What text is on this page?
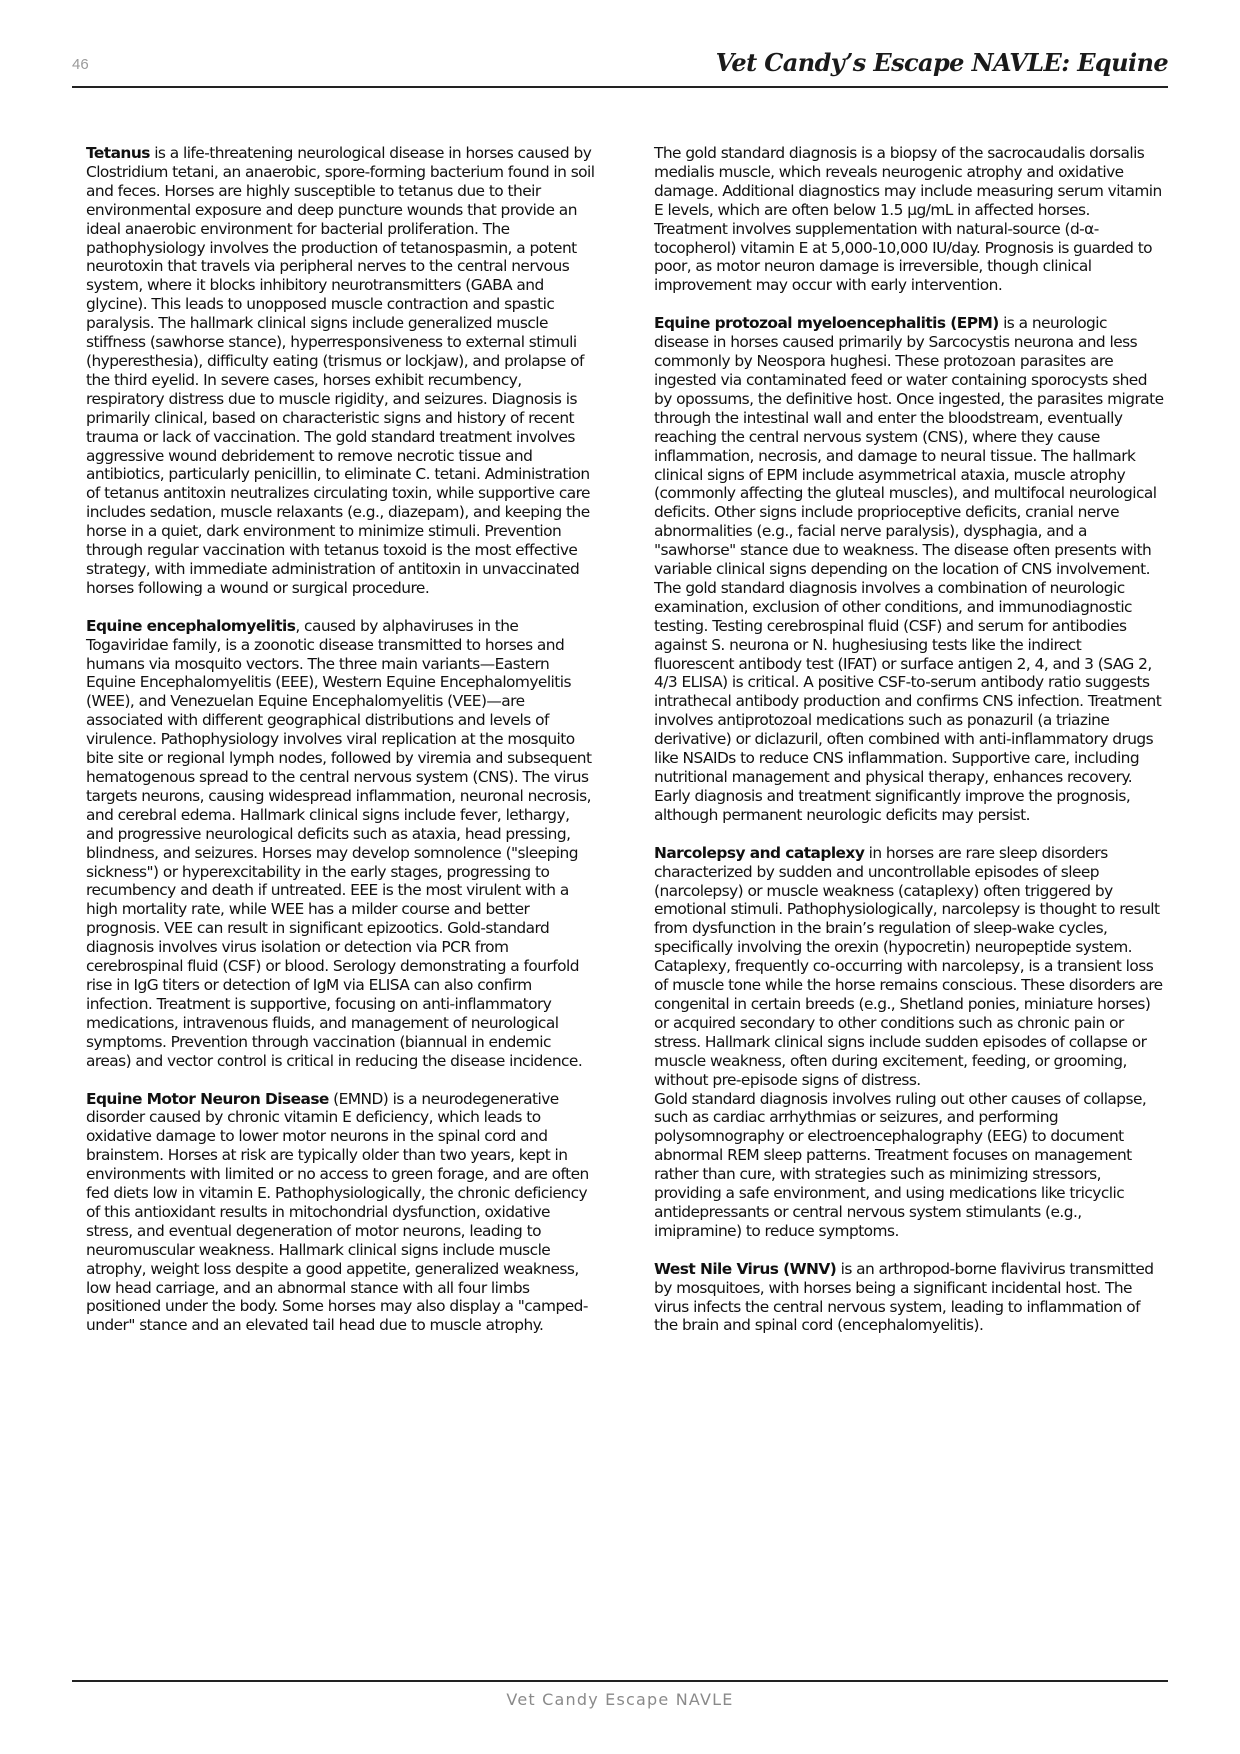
46	Vet Candy’s Escape NAVLE: Equine

Tetanus is a life-threatening neurological disease in horses caused by Clostridium tetani, an anaerobic, spore-forming bacterium found in soil and feces. Horses are highly susceptible to tetanus due to their environmental exposure and deep puncture wounds that provide an ideal anaerobic environment for bacterial proliferation. The pathophysiology involves the production of tetanospasmin, a potent neurotoxin that travels via peripheral nerves to the central nervous system, where it blocks inhibitory neurotransmitters (GABA and glycine). This leads to unopposed muscle contraction and spastic paralysis. The hallmark clinical signs include generalized muscle stiffness (sawhorse stance), hyperresponsiveness to external stimuli (hyperesthesia), difficulty eating (trismus or lockjaw), and prolapse of the third eyelid. In severe cases, horses exhibit recumbency, respiratory distress due to muscle rigidity, and seizures. Diagnosis is primarily clinical, based on characteristic signs and history of recent trauma or lack of vaccination. The gold standard treatment involves aggressive wound debridement to remove necrotic tissue and antibiotics, particularly penicillin, to eliminate C. tetani. Administration of tetanus antitoxin neutralizes circulating toxin, while supportive care includes sedation, muscle relaxants (e.g., diazepam), and keeping the horse in a quiet, dark environment to minimize stimuli. Prevention through regular vaccination with tetanus toxoid is the most effective strategy, with immediate administration of antitoxin in unvaccinated horses following a wound or surgical procedure.

Equine encephalomyelitis, caused by alphaviruses in the Togaviridae family, is a zoonotic disease transmitted to horses and humans via mosquito vectors. The three main variants—Eastern Equine Encephalomyelitis (EEE), Western Equine Encephalomyelitis (WEE), and Venezuelan Equine Encephalomyelitis (VEE)—are associated with different geographical distributions and levels of virulence. Pathophysiology involves viral replication at the mosquito bite site or regional lymph nodes, followed by viremia and subsequent hematogenous spread to the central nervous system (CNS). The virus targets neurons, causing widespread inflammation, neuronal necrosis, and cerebral edema. Hallmark clinical signs include fever, lethargy, and progressive neurological deficits such as ataxia, head pressing, blindness, and seizures. Horses may develop somnolence ("sleeping sickness") or hyperexcitability in the early stages, progressing to recumbency and death if untreated. EEE is the most virulent with a high mortality rate, while WEE has a milder course and better prognosis. VEE can result in significant epizootics. Gold-standard diagnosis involves virus isolation or detection via PCR from cerebrospinal fluid (CSF) or blood. Serology demonstrating a fourfold rise in IgG titers or detection of IgM via ELISA can also confirm infection. Treatment is supportive, focusing on anti-inflammatory medications, intravenous fluids, and management of neurological symptoms. Prevention through vaccination (biannual in endemic areas) and vector control is critical in reducing the disease incidence.

Equine Motor Neuron Disease (EMND) is a neurodegenerative disorder caused by chronic vitamin E deficiency, which leads to oxidative damage to lower motor neurons in the spinal cord and brainstem. Horses at risk are typically older than two years, kept in environments with limited or no access to green forage, and are often fed diets low in vitamin E. Pathophysiologically, the chronic deficiency of this antioxidant results in mitochondrial dysfunction, oxidative stress, and eventual degeneration of motor neurons, leading to neuromuscular weakness. Hallmark clinical signs include muscle atrophy, weight loss despite a good appetite, generalized weakness, low head carriage, and an abnormal stance with all four limbs positioned under the body. Some horses may also display a "camped-under" stance and an elevated tail head due to muscle atrophy.

The gold standard diagnosis is a biopsy of the sacrocaudalis dorsalis medialis muscle, which reveals neurogenic atrophy and oxidative damage. Additional diagnostics may include measuring serum vitamin E levels, which are often below 1.5 µg/mL in affected horses. Treatment involves supplementation with natural-source (d-α-tocopherol) vitamin E at 5,000-10,000 IU/day. Prognosis is guarded to poor, as motor neuron damage is irreversible, though clinical improvement may occur with early intervention.

Equine protozoal myeloencephalitis (EPM) is a neurologic disease in horses caused primarily by Sarcocystis neurona and less commonly by Neospora hughesi. These protozoan parasites are ingested via contaminated feed or water containing sporocysts shed by opossums, the definitive host. Once ingested, the parasites migrate through the intestinal wall and enter the bloodstream, eventually reaching the central nervous system (CNS), where they cause inflammation, necrosis, and damage to neural tissue. The hallmark clinical signs of EPM include asymmetrical ataxia, muscle atrophy (commonly affecting the gluteal muscles), and multifocal neurological deficits. Other signs include proprioceptive deficits, cranial nerve abnormalities (e.g., facial nerve paralysis), dysphagia, and a "sawhorse" stance due to weakness. The disease often presents with variable clinical signs depending on the location of CNS involvement. The gold standard diagnosis involves a combination of neurologic examination, exclusion of other conditions, and immunodiagnostic testing. Testing cerebrospinal fluid (CSF) and serum for antibodies against S. neurona or N. hughesiusing tests like the indirect fluorescent antibody test (IFAT) or surface antigen 2, 4, and 3 (SAG 2, 4/3 ELISA) is critical. A positive CSF-to-serum antibody ratio suggests intrathecal antibody production and confirms CNS infection. Treatment involves antiprotozoal medications such as ponazuril (a triazine derivative) or diclazuril, often combined with anti-inflammatory drugs like NSAIDs to reduce CNS inflammation. Supportive care, including nutritional management and physical therapy, enhances recovery. Early diagnosis and treatment significantly improve the prognosis, although permanent neurologic deficits may persist.

Narcolepsy and cataplexy in horses are rare sleep disorders characterized by sudden and uncontrollable episodes of sleep (narcolepsy) or muscle weakness (cataplexy) often triggered by emotional stimuli. Pathophysiologically, narcolepsy is thought to result from dysfunction in the brain’s regulation of sleep-wake cycles, specifically involving the orexin (hypocretin) neuropeptide system. Cataplexy, frequently co-occurring with narcolepsy, is a transient loss of muscle tone while the horse remains conscious. These disorders are congenital in certain breeds (e.g., Shetland ponies, miniature horses) or acquired secondary to other conditions such as chronic pain or stress. Hallmark clinical signs include sudden episodes of collapse or muscle weakness, often during excitement, feeding, or grooming, without pre-episode signs of distress.

Gold standard diagnosis involves ruling out other causes of collapse, such as cardiac arrhythmias or seizures, and performing polysomnography or electroencephalography (EEG) to document abnormal REM sleep patterns. Treatment focuses on management rather than cure, with strategies such as minimizing stressors, providing a safe environment, and using medications like tricyclic antidepressants or central nervous system stimulants (e.g., imipramine) to reduce symptoms.

West Nile Virus (WNV) is an arthropod-borne flavivirus transmitted by mosquitoes, with horses being a significant incidental host. The virus infects the central nervous system, leading to inflammation of the brain and spinal cord (encephalomyelitis).

Vet Candy Escape NAVLE
